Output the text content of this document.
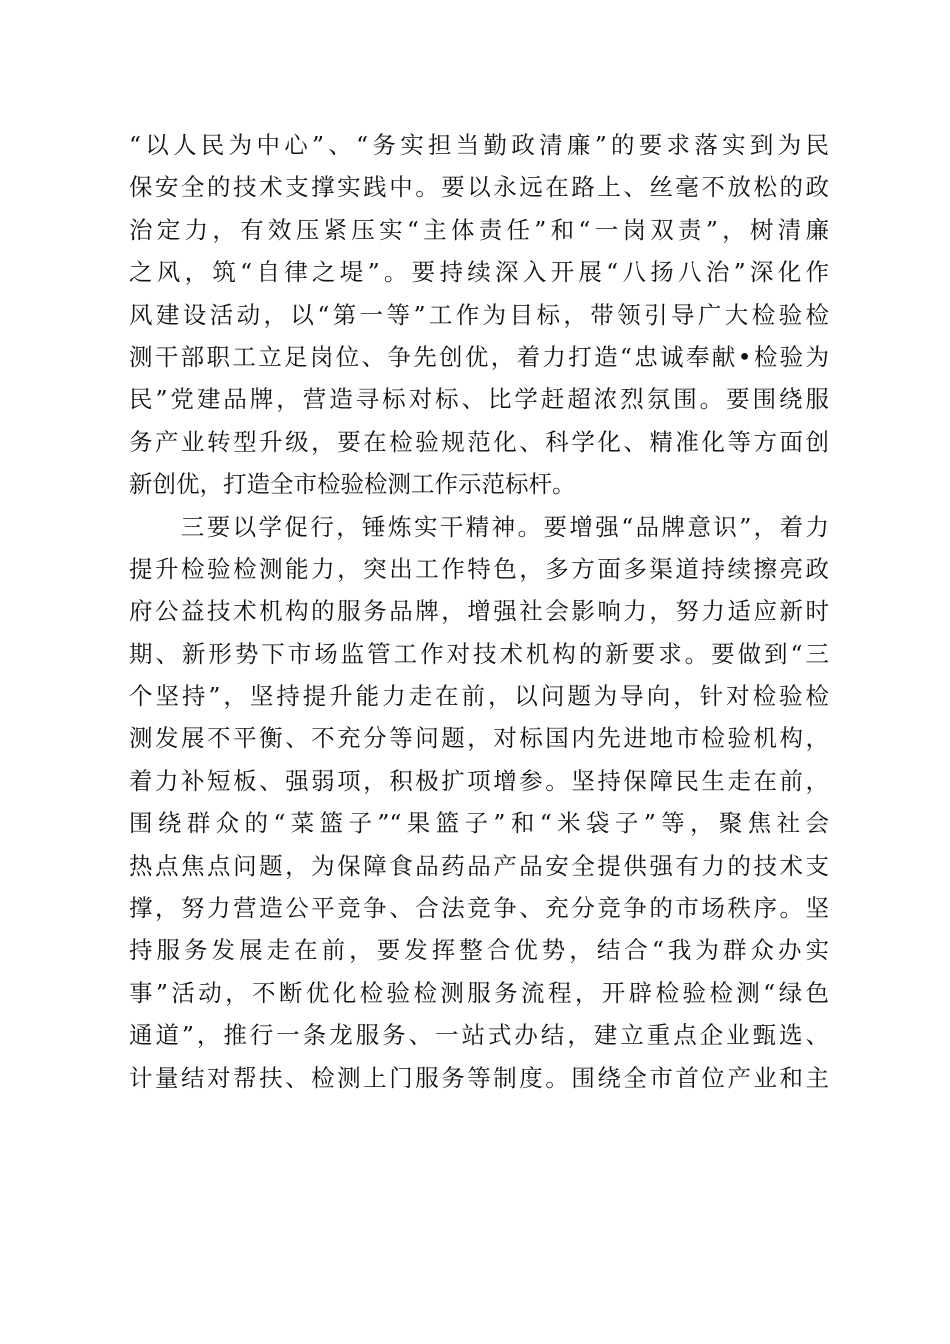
“以人民为中心”、“务实担当勤政清廉”的要求落实到为民
保安全的技术支撑实践中。要以永远在路上、丝毫不放松的政
治定力，有效压紧压实“主体责任”和“一岗双责”，树清廉
之风，筑“自律之堤”。要持续深入开展“八扬八治”深化作
风建设活动，以“第一等”工作为目标，带领引导广大检验检
测干部职工立足岗位、争先创优，着力打造“忠诚奉献•检验为
民”党建品牌，营造寻标对标、比学赶超浓烈氛围。要围绕服
务产业转型升级，要在检验规范化、科学化、精准化等方面创
新创优，打造全市检验检测工作示范标杆。
　　三要以学促行，锤炼实干精神。要增强“品牌意识”，着力
提升检验检测能力，突出工作特色，多方面多渠道持续擦亮政
府公益技术机构的服务品牌，增强社会影响力，努力适应新时
期、新形势下市场监管工作对技术机构的新要求。要做到“三
个坚持”，坚持提升能力走在前，以问题为导向，针对检验检
测发展不平衡、不充分等问题，对标国内先进地市检验机构，
着力补短板、强弱项，积极扩项增参。坚持保障民生走在前，
围绕群众的“菜篮子”“果篮子”和“米袋子”等，聚焦社会
热点焦点问题，为保障食品药品产品安全提供强有力的技术支
撑，努力营造公平竞争、合法竞争、充分竞争的市场秩序。坚
持服务发展走在前，要发挥整合优势，结合“我为群众办实
事”活动，不断优化检验检测服务流程，开辟检验检测“绿色
通道”，推行一条龙服务、一站式办结，建立重点企业甄选、
计量结对帮扶、检测上门服务等制度。围绕全市首位产业和主
